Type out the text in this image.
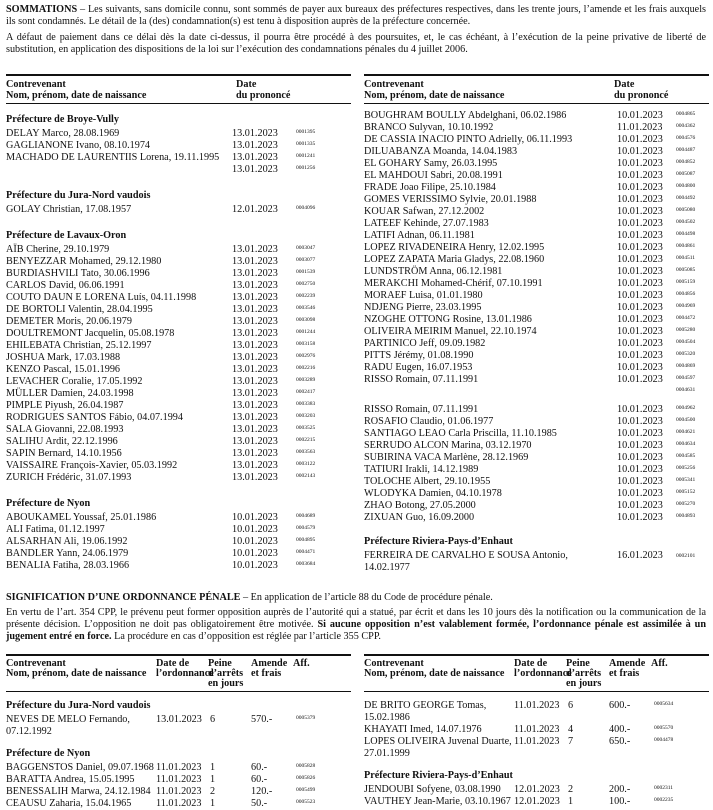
SOMMATIONS – Les suivants, sans domicile connu, sont sommés de payer aux bureaux des préfectures respectives, dans les trente jours, l’amende et les frais auxquels ils sont condamnés. Le détail de la (des) condamnation(s) est tenu à disposition auprès de la préfecture concernée.

A défaut de paiement dans ce délai dès la date ci-dessus, il pourra être procédé à des poursuites, et, le cas échéant, à l’exécution de la peine privative de liberté de substitution, en application des dispositions de la loi sur l’exécution des condamnations pénales du 4 juillet 2006.

Contrevenant
Nom, prénom, date de naissance
Date
du prononcé
Préfecture de Broye-Vully
DELAY Marco, 28.08.1969	13.01.2023	0001395
GAGLIANONE Ivano, 08.10.1974	13.01.2023	0001335
MACHADO DE LAURENTIIS Lorena, 19.11.1995	13.01.2023	0001241
13.01.2023	0001256
Préfecture du Jura-Nord vaudois
GOLAY Christian, 17.08.1957	12.01.2023	0004096
Préfecture de Lavaux-Oron
AÏB Cherine, 29.10.1979	13.01.2023	0003047
BENYEZZAR Mohamed, 29.12.1980	13.01.2023	0003077
BURDIASHVILI Tato, 30.06.1996	13.01.2023	0001539
CARLOS David, 06.06.1991	13.01.2023	0002750
COUTO DAUN E LORENA Luís, 04.11.1998	13.01.2023	0002239
DE BORTOLI Valentin, 28.04.1995	13.01.2023	0003546
DEMETER Moris, 20.06.1979	13.01.2023	0003098
DOULTREMONT Jacquelin, 05.08.1978	13.01.2023	0001244
EHILEBATA Christian, 25.12.1997	13.01.2023	0003158
JOSHUA Mark, 17.03.1988	13.01.2023	0002976
KENZO Pascal, 15.01.1996	13.01.2023	0002216
LEVACHER Coralie, 17.05.1992	13.01.2023	0003289
MÜLLER Damien, 24.03.1998	13.01.2023	0002417
PIMPLE Piyush, 26.04.1987	13.01.2023	0003383
RODRIGUES SANTOS Fábio, 04.07.1994	13.01.2023	0003203
SALA Giovanni, 22.08.1993	13.01.2023	0003525
SALIHU Ardit, 22.12.1996	13.01.2023	0002215
SAPIN Bernard, 14.10.1956	13.01.2023	0003563
VAISSAIRE François-Xavier, 05.03.1992	13.01.2023	0003122
ZURICH Frédéric, 31.07.1993	13.01.2023	0002143
Préfecture de Nyon
ABOUKAMEL Youssaf, 25.01.1986	10.01.2023	0004689
ALI Fatima, 01.12.1997	10.01.2023	0004579
ALSARHAN Ali, 19.06.1992	10.01.2023	0004895
BANDLER Yann, 24.06.1979	10.01.2023	0004471
BENALIA Fatiha, 28.03.1966	10.01.2023	0003684
Contrevenant
Nom, prénom, date de naissance
Date
du prononcé
BOUGHRAM BOULLY Abdelghani, 06.02.1986	10.01.2023 0004865
BRANCO Sulyvan, 10.10.1992	11.01.2023 0004362
DE CASSIA INACIO PINTO Adrielly, 06.11.1993	10.01.2023 0004576
DILUABANZA Moanda, 14.04.1983	10.01.2023 0004487
EL GOHARY Samy, 26.03.1995	10.01.2023 0004852
EL MAHDOUI Sabri, 20.08.1991	10.01.2023 0005087
FRADE Joao Filipe, 25.10.1984	10.01.2023 0004800
GOMES VERISSIMO Sylvie, 20.01.1988	10.01.2023 0004492
KOUAR Safwan, 27.12.2002	10.01.2023 0005080
LATEEF Kehinde, 27.07.1983	10.01.2023 0004502
LATIFI Adnan, 06.11.1981	10.01.2023 0004498
LOPEZ RIVADENEIRA Henry, 12.02.1995	10.01.2023 0004861
LOPEZ ZAPATA Maria Gladys, 22.08.1960	10.01.2023 0004511
LUNDSTRÖM Anna, 06.12.1981	10.01.2023 0005085
MERAKCHI Mohamed-Chérif, 07.10.1991	10.01.2023 0005159
MORAEF Luisa, 01.01.1980	10.01.2023 0004856
NDJENG Pierre, 23.03.1995	10.01.2023 0004969
NZOGHE OTTONG Rosine, 13.01.1986	10.01.2023 0004472
OLIVEIRA MEIRIM Manuel, 22.10.1974	10.01.2023 0005280
PARTINICO Jeff, 09.09.1982	10.01.2023 0004504
PITTS Jérémy, 01.08.1990	10.01.2023 0005320
RADU Eugen, 16.07.1953	10.01.2023 0004869
RISSO Romain, 07.11.1991	10.01.2023 0004597
0004631
RISSO Romain, 07.11.1991	10.01.2023 0004962
ROSAFIO Claudio, 01.06.1977	10.01.2023 0004500
SANTIAGO LEAO Carla Priscilla, 11.10.1985	10.01.2023 0004621
SERRUDO ALCON Marina, 03.12.1970	10.01.2023 0004634
SUBIRINA VACA Marlène, 28.12.1969	10.01.2023 0004585
TATIURI Irakli, 14.12.1989	10.01.2023 0005256
TOLOCHE Albert, 29.10.1955	10.01.2023 0005341
WLODYKA Damien, 04.10.1978	10.01.2023 0005152
ZHAO Botong, 27.05.2000	10.01.2023 0005270
ZIXUAN Guo, 16.09.2000	10.01.2023 0004893
Préfecture Riviera-Pays-d’Enhaut
FERREIRA DE CARVALHO E SOUSA Antonio,
14.02.1977
16.01.2023 0002101

SIGNIFICATION D’UNE ORDONNANCE PÉNALE – En application de l’article 88 du Code de procédure pénale.

En vertu de l’art. 354 CPP, le prévenu peut former opposition auprès de l’autorité qui a statué, par écrit et dans les 10 jours dès la notification ou la communication de la présente décision. L’opposition ne doit pas obligatoirement être motivée. Si aucune opposition n’est valablement formée, l’ordonnance pénale est assimilée à un jugement entré en force. La procédure en cas d’opposition est réglée par l’article 355 CPP.

Contrevenant
Nom, prénom, date de naissance
Date de
l’ordonnance
Peine
d’arrêts
en jours
Amende
et frais
Aff.
Préfecture du Jura-Nord vaudois
NEVES DE MELO Fernando,
07.12.1992
13.01.2023 6	570.-	0005379
Préfecture de Nyon
BAGGENSTOS Daniel, 09.07.1968 11.01.2023 1	60.-	0005828
BARATTA Andrea, 15.05.1995	11.01.2023 1	60.-	0005826
BENESSALIH Marwa, 24.12.1984 11.01.2023 2	120.-	0005499
CEAUSU Zaharia, 15.04.1965	11.01.2023 1	50.-	0005523
Contrevenant
Nom, prénom, date de naissance
Date de
l’ordonnance
Peine
d’arrêts
en jours
Amende
et frais
Aff.
DE BRITO GEORGE Tomas,
15.02.1986
11.01.2023 6	600.-	0005634
KHAYATI Imed, 14.07.1976	11.01.2023 4	400.-	0005570
LOPES OLIVEIRA Juvenal Duarte,
27.01.1999
11.01.2023 7	650.-	0004478
Préfecture Riviera-Pays-d’Enhaut
JENDOUBI Sofyene, 03.08.1990	12.01.2023 2	200.-	0002311
VAUTHEY Jean-Marie, 03.10.1967 12.01.2023 1	100.-	0002235
